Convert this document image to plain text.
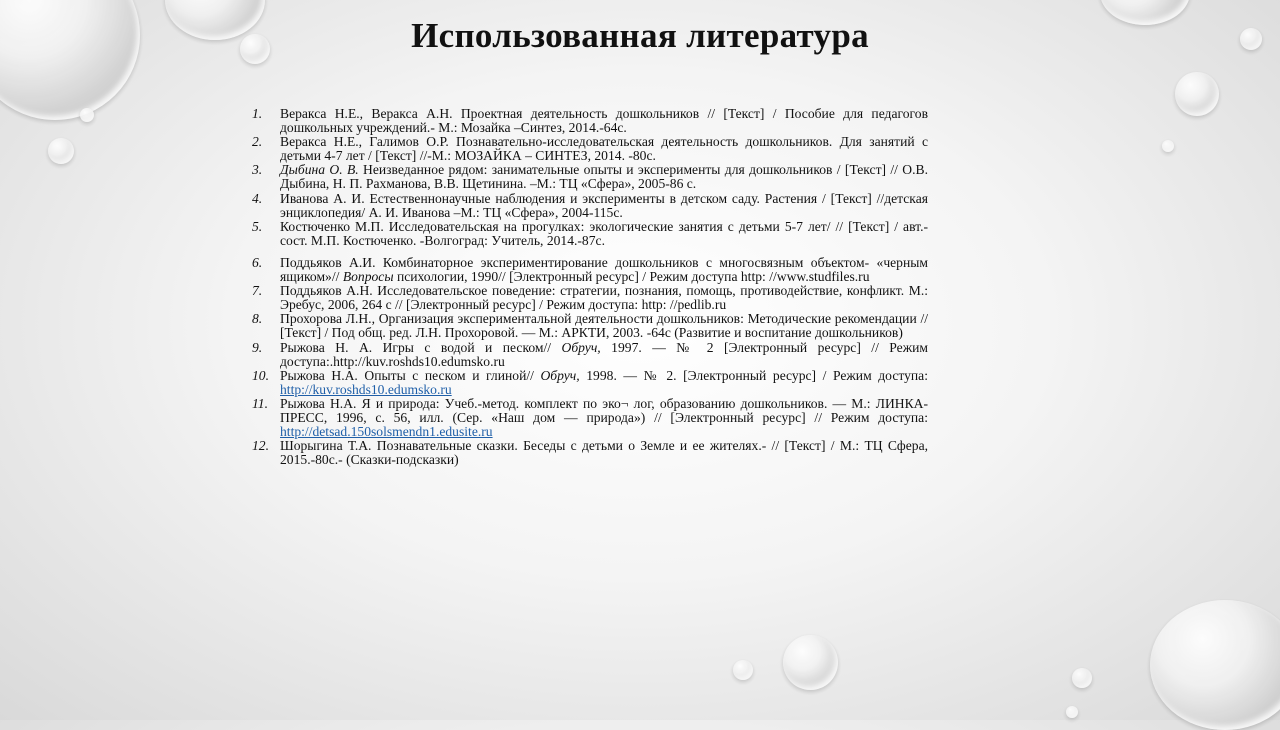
Использованная литература
1.	Веракса Н.Е., Веракса А.Н. Проектная деятельность дошкольников // [Текст] / Пособие для педагогов дошкольных учреждений.- М.: Мозайка –Синтез, 2014.-64с.
2.	Веракса Н.Е., Галимов О.Р. Познавательно-исследовательская деятельность дошкольников. Для занятий с детьми 4-7 лет / [Текст] //-М.: МОЗАЙКА – СИНТЕЗ, 2014. -80с.
3.	Дыбина О. В. Неизведанное рядом: занимательные опыты и эксперименты для дошкольников / [Текст] // О.В. Дыбина, Н. П. Рахманова, В.В. Щетинина. –М.: ТЦ «Сфера», 2005-86 с.
4.	Иванова А. И. Естественнонаучные наблюдения и эксперименты в детском саду. Растения / [Текст] //детская энциклопедия/ А. И. Иванова –М.: ТЦ «Сфера», 2004-115с.
5.	Костюченко М.П. Исследовательская на прогулках: экологические занятия с детьми 5-7 лет/ // [Текст] / авт.-сост. М.П. Костюченко. -Волгоград: Учитель, 2014.-87с.
6.	Поддьяков А.И. Комбинаторное экспериментирование дошкольников с многосвязным объектом- «черным ящиком»// Вопросы психологии, 1990// [Электронный ресурс] / Режим доступа http: //www.studfiles.ru
7.	Поддьяков А.Н. Исследовательское поведение: стратегии, познания, помощь, противодействие, конфликт. М.: Эребус, 2006, 264 с // [Электронный ресурс] / Режим доступа: http: //pedlib.ru
8.	Прохорова Л.Н., Организация экспериментальной деятельности дошкольников: Методические рекомендации // [Текст] / Под общ. ред. Л.Н. Прохоровой. — М.: АРКТИ, 2003. -64с (Развитие и воспитание дошкольников)
9.	Рыжова Н. А. Игры с водой и песком// Обруч, 1997. — № 2 [Электронный ресурс] // Режим доступа:.http://kuv.roshds10.edumsko.ru
10. Рыжова Н.А. Опыты с песком и глиной// Обруч, 1998. — № 2. [Электронный ресурс] / Режим доступа: http://kuv.roshds10.edumsko.ru
11. Рыжова Н.А. Я и природа: Учеб.-метод. комплект по эко¬ лог, образованию дошкольников. — М.: ЛИНКА-ПРЕСС, 1996, с. 56, илл. (Сер. «Наш дом — природа») // [Электронный ресурс] // Режим доступа: http://detsad.150solsmendn1.edusite.ru
12. Шорыгина Т.А. Познавательные сказки. Беседы с детьми о Земле и ее жителях.- // [Текст] / М.: ТЦ Сфера, 2015.-80с.- (Сказки-подсказки)
